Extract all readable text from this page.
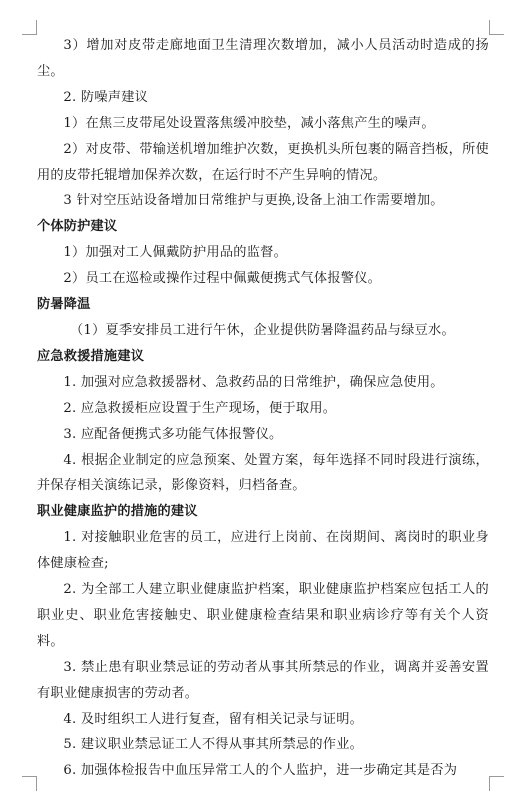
3）增加对皮带走廊地面卫生清理次数增加，减小人员活动时造成的扬尘。

2. 防噪声建议

1）在焦三皮带尾处设置落焦缓冲胶垫，减小落焦产生的噪声。

2）对皮带、带输送机增加维护次数，更换机头所包裹的隔音挡板，所使用的皮带托辊增加保养次数，在运行时不产生异响的情况。

3 针对空压站设备增加日常维护与更换,设备上油工作需要增加。

个体防护建议

1）加强对工人佩戴防护用品的监督。

2）员工在巡检或操作过程中佩戴便携式气体报警仪。

防暑降温

（1）夏季安排员工进行午休，企业提供防暑降温药品与绿豆水。

应急救援措施建议

1. 加强对应急救援器材、急救药品的日常维护，确保应急使用。

2. 应急救援柜应设置于生产现场，便于取用。

3. 应配备便携式多功能气体报警仪。

4. 根据企业制定的应急预案、处置方案，每年选择不同时段进行演练，并保存相关演练记录，影像资料，归档备查。

职业健康监护的措施的建议

1. 对接触职业危害的员工，应进行上岗前、在岗期间、离岗时的职业身体健康检查;

2. 为全部工人建立职业健康监护档案，职业健康监护档案应包括工人的职业史、职业危害接触史、职业健康检查结果和职业病诊疗等有关个人资料。

3. 禁止患有职业禁忌证的劳动者从事其所禁忌的作业，调离并妥善安置有职业健康损害的劳动者。

4. 及时组织工人进行复查，留有相关记录与证明。

5. 建议职业禁忌证工人不得从事其所禁忌的作业。

6. 加强体检报告中血压异常工人的个人监护，进一步确定其是否为
